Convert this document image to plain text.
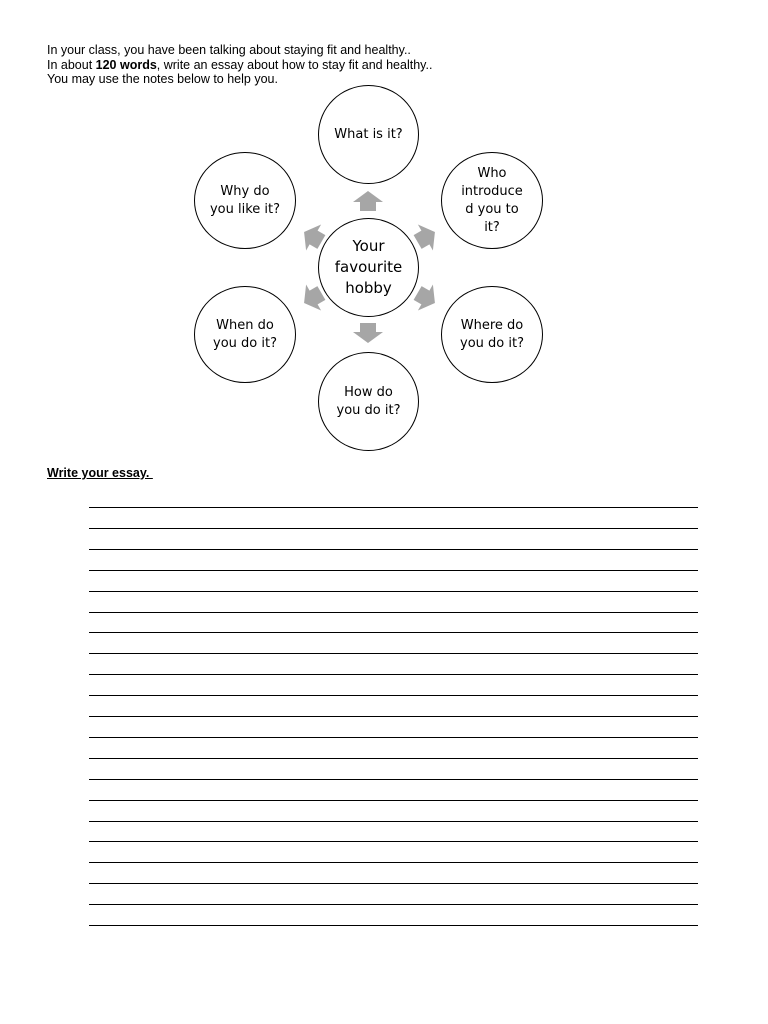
In your class, you have been talking about staying fit and healthy..
In about 120 words, write an essay about how to stay fit and healthy..
You may use the notes below to help you.
Your
favourite
hobby
What is it?
Who
introduce
d you to
it?
Where do
you do it?
How do
you do it?
When do
you do it?
Why do
you like it?
Write your essay.
